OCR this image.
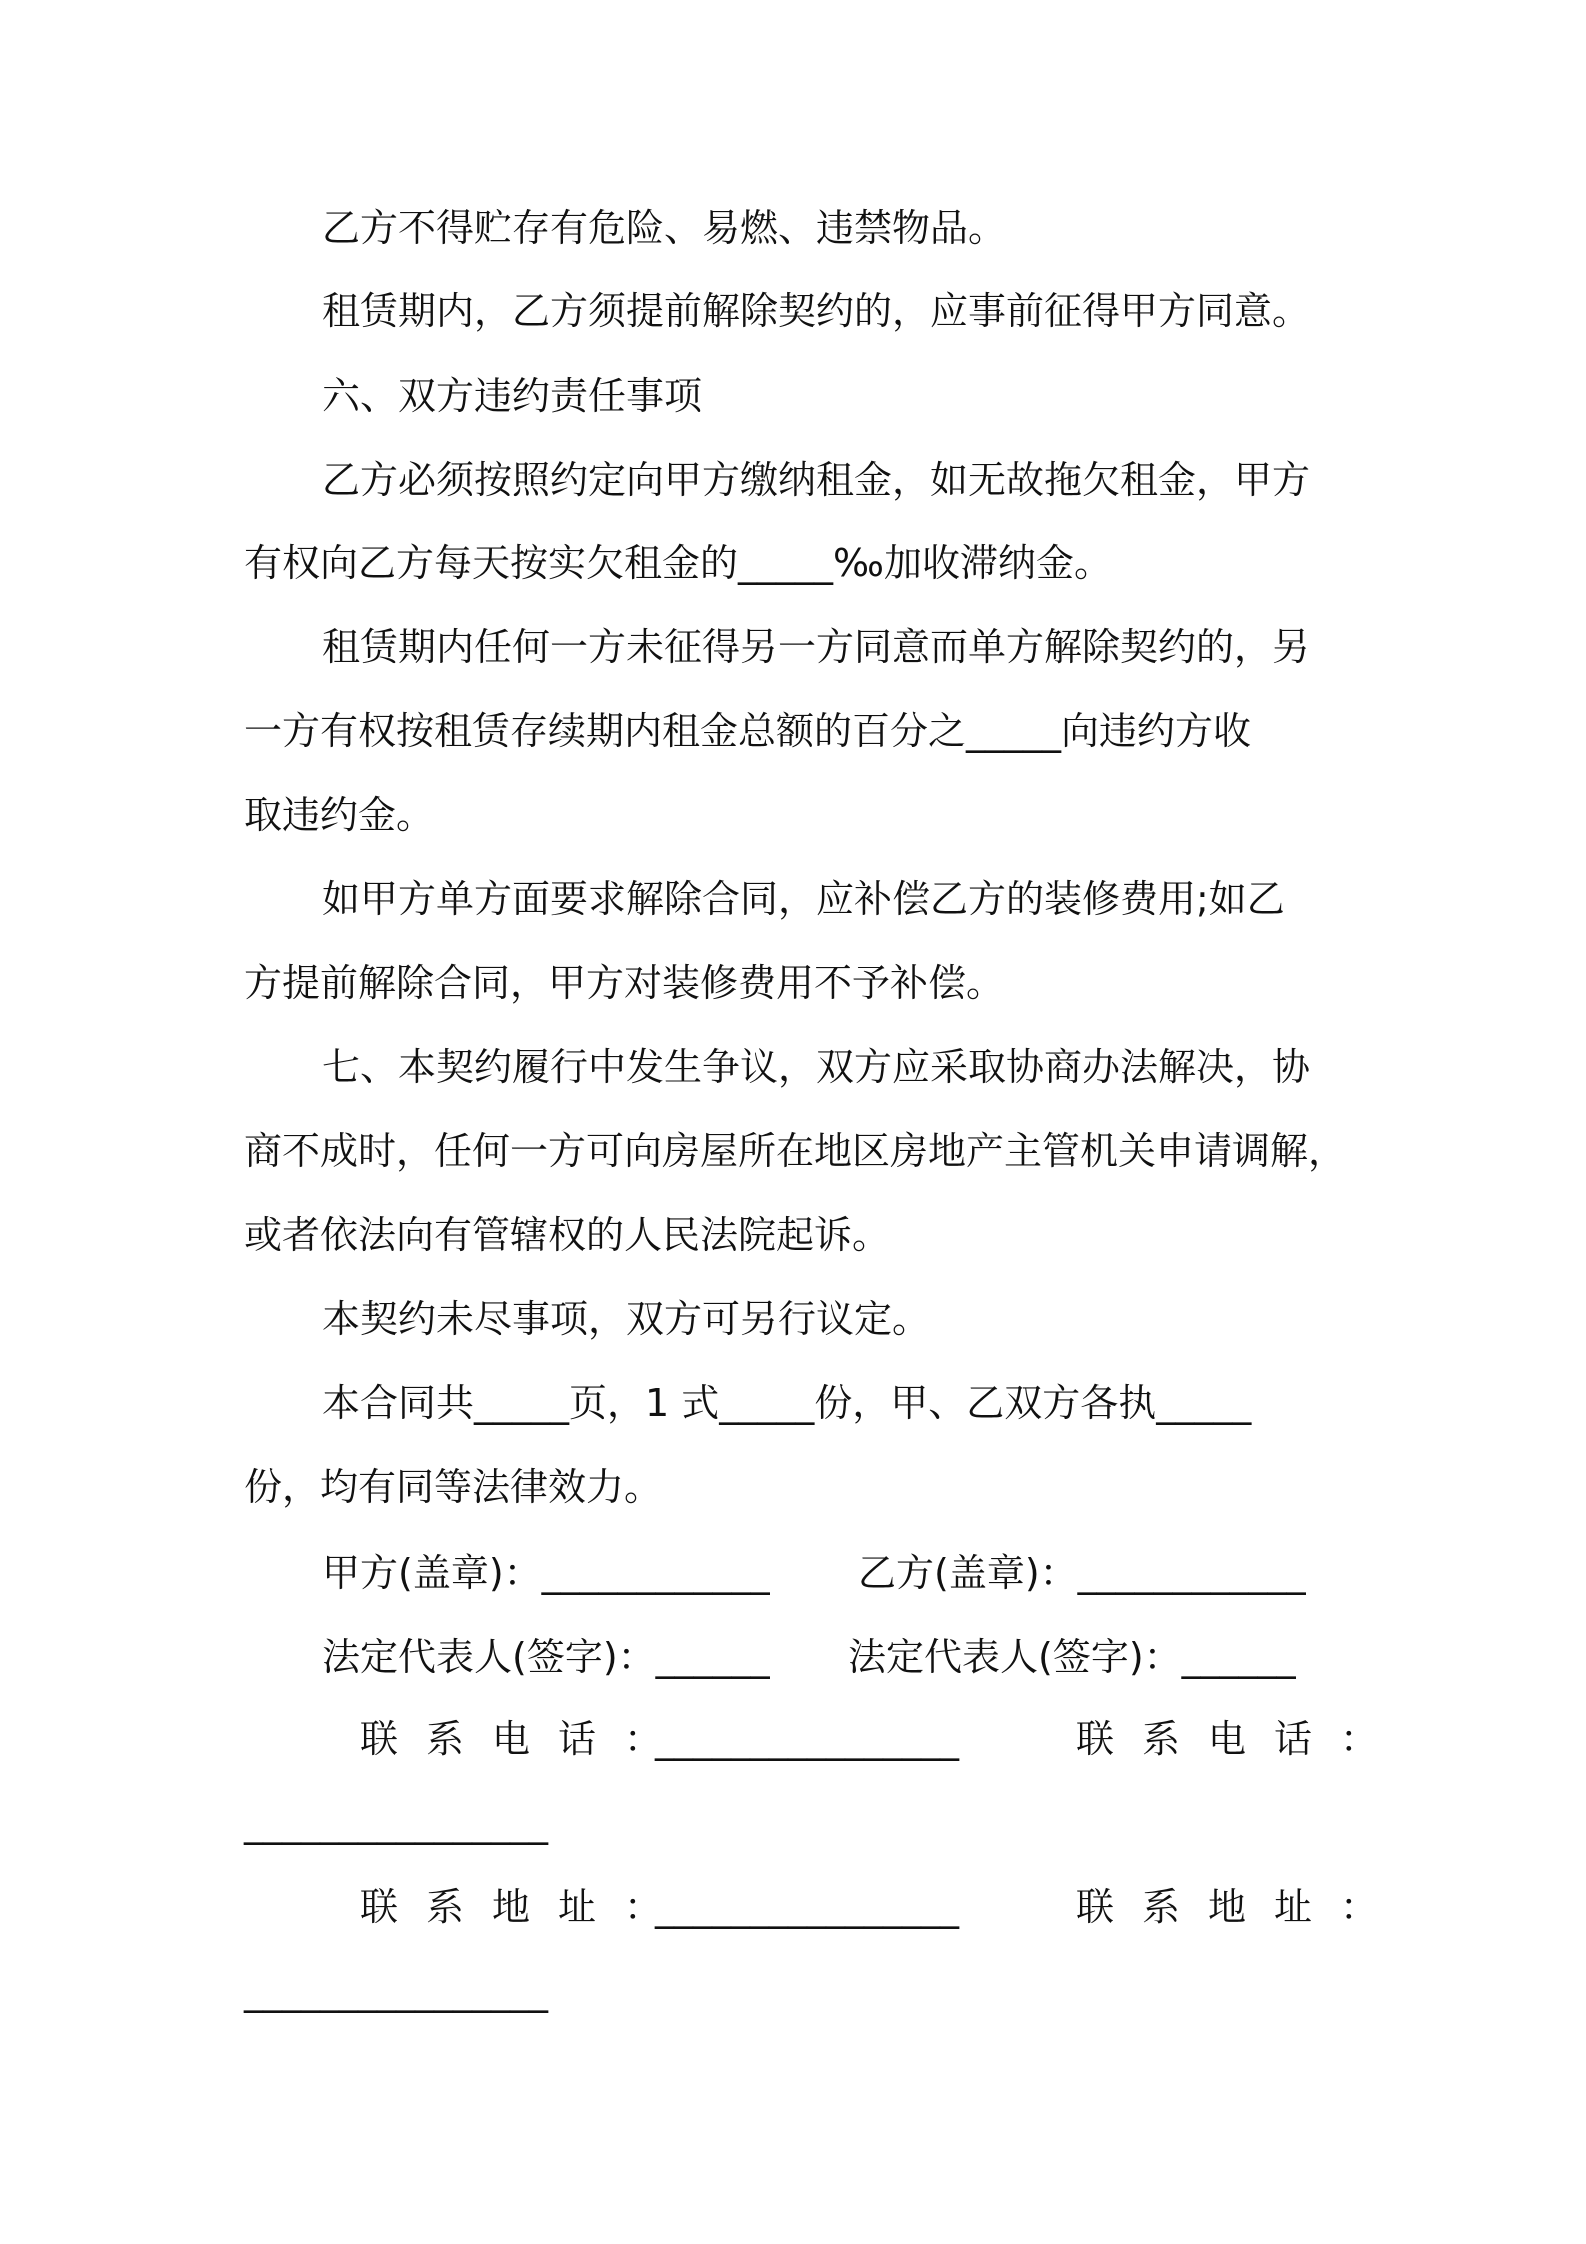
乙方不得贮存有危险、易燃、违禁物品。
租赁期内，乙方须提前解除契约的，应事前征得甲方同意。
六、双方违约责任事项
乙方必须按照约定向甲方缴纳租金，如无故拖欠租金，甲方
有权向乙方每天按实欠租金的_____‰加收滞纳金。
租赁期内任何一方未征得另一方同意而单方解除契约的，另
一方有权按租赁存续期内租金总额的百分之_____向违约方收
取违约金。
如甲方单方面要求解除合同，应补偿乙方的装修费用;如乙
方提前解除合同，甲方对装修费用不予补偿。
七、本契约履行中发生争议，双方应采取协商办法解决，协
商不成时，任何一方可向房屋所在地区房地产主管机关申请调解，
或者依法向有管辖权的人民法院起诉。
本契约未尽事项，双方可另行议定。
本合同共_____页，1 式_____份，甲、乙双方各执_____
份，均有同等法律效力。
甲方(盖章)：____________ 乙方(盖章)：____________
法定代表人(签字)：______ 法定代表人(签字)：______
联系电话：
________________	联系电话：
________________
联系地址：
________________	联系地址：
________________
